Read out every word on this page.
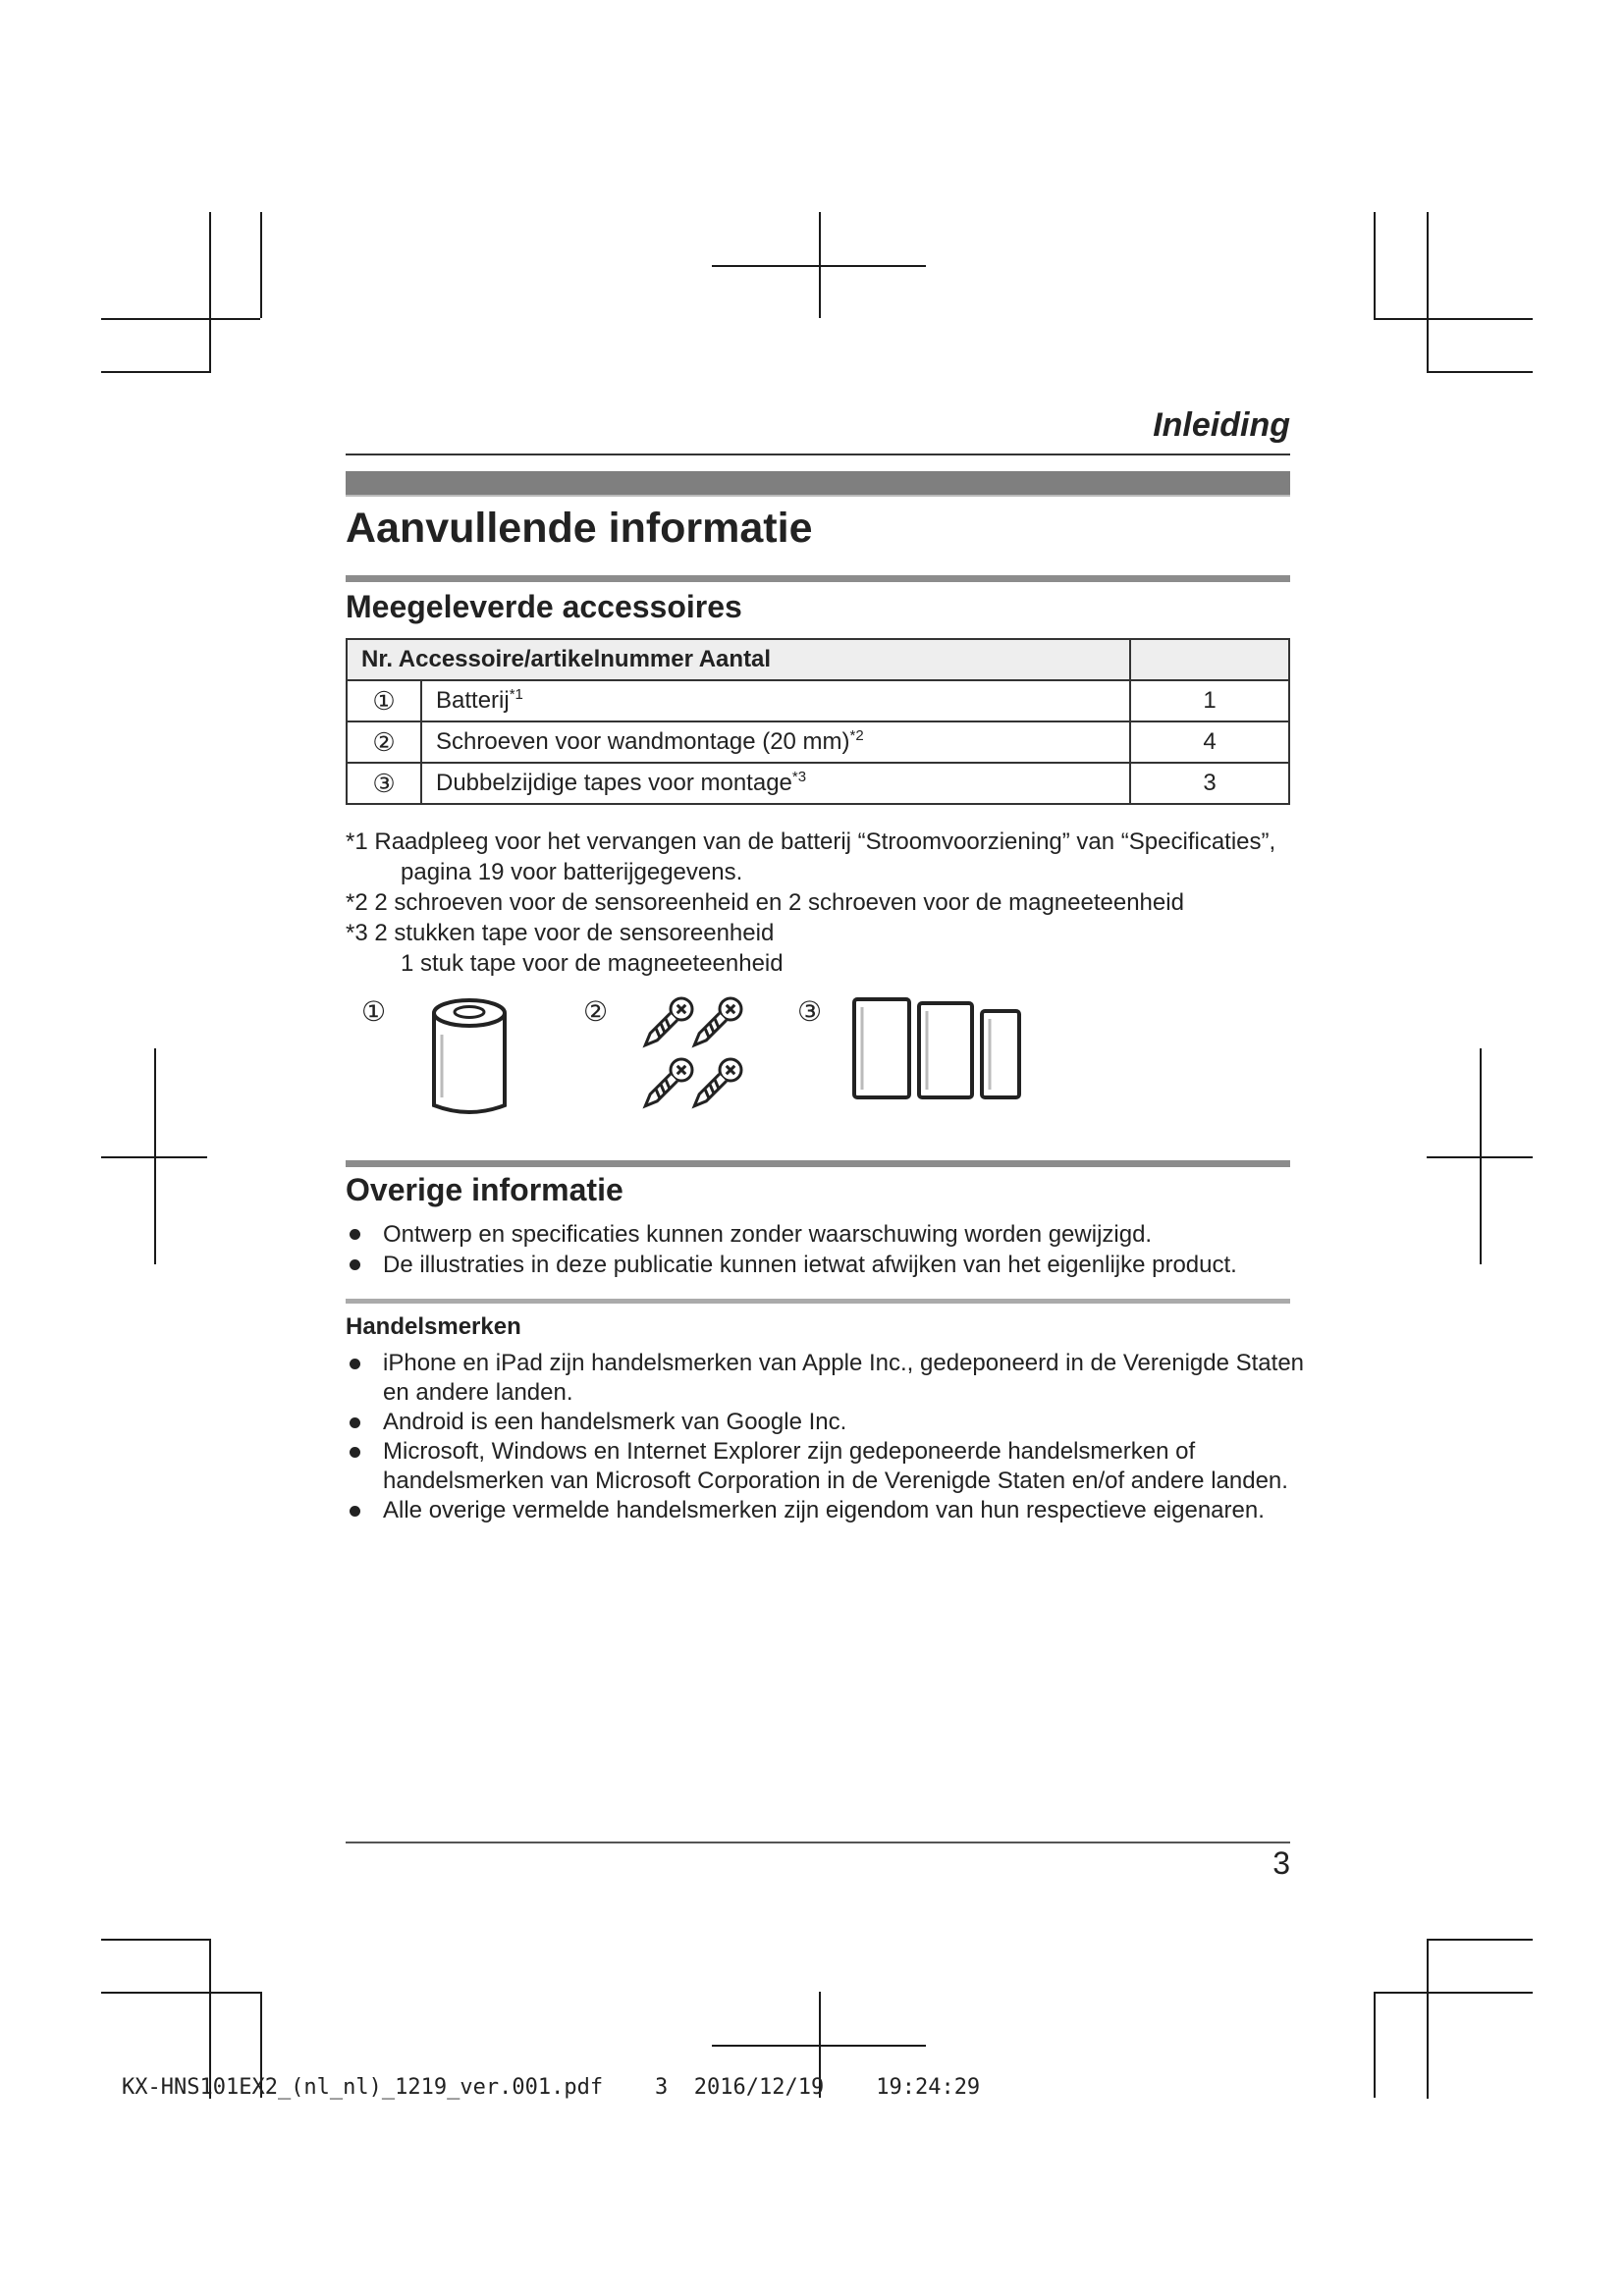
Inleiding
Aanvullende informatie
Meegeleverde accessoires
Nr. Accessoire/artikelnummer Aantal		
①	Batterij$^{*1}$	1
②	Schroeven voor wandmontage (20 mm)$^{*2}$	4
③	Dubbelzijdige tapes voor montage$^{*3}$	3
*1 Raadpleeg voor het vervangen van de batterij “Stroomvoorziening” van “Specificaties”,
pagina 19 voor batterijgegevens.
*2 2 schroeven voor de sensoreenheid en 2 schroeven voor de magneeteenheid
*3 2 stukken tape voor de sensoreenheid
1 stuk tape voor de magneeteenheid
①	②	③
Overige informatie
Ontwerp en specificaties kunnen zonder waarschuwing worden gewijzigd.
De illustraties in deze publicatie kunnen ietwat afwijken van het eigenlijke product.
Handelsmerken
iPhone en iPad zijn handelsmerken van Apple Inc., gedeponeerd in de Verenigde Staten en andere landen.
Android is een handelsmerk van Google Inc.
Microsoft, Windows en Internet Explorer zijn gedeponeerde handelsmerken of handelsmerken van Microsoft Corporation in de Verenigde Staten en/of andere landen.
Alle overige vermelde handelsmerken zijn eigendom van hun respectieve eigenaren.
3
KX-HNS101EX2_(nl_nl)_1219_ver.001.pdf    3  2016/12/19    19:24:29
